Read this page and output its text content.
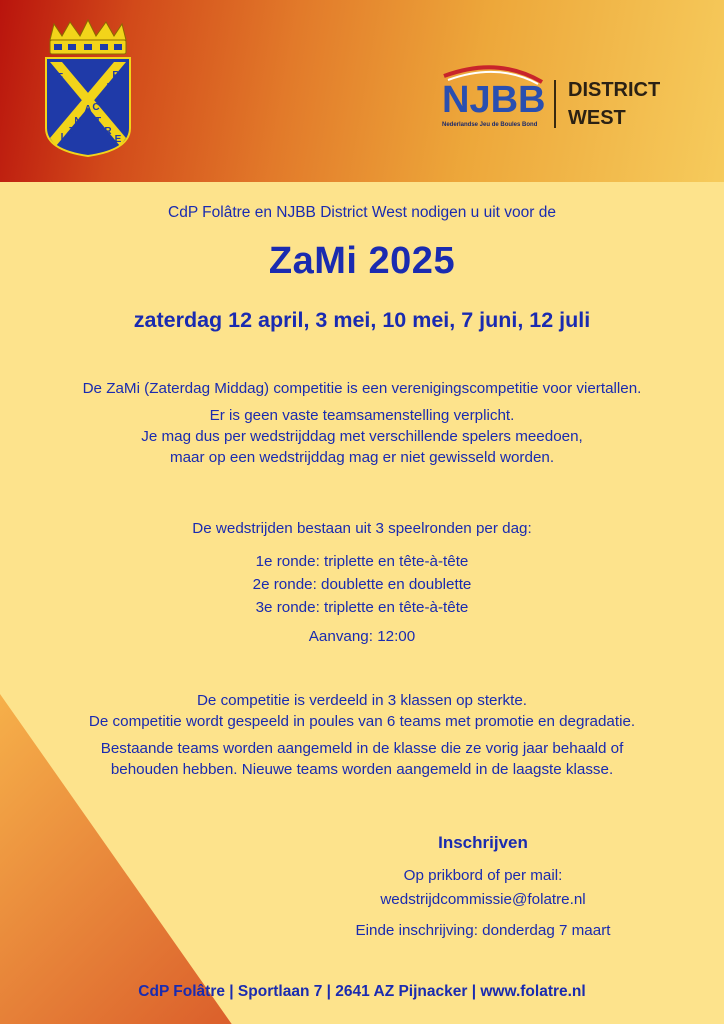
F
O
L
A
T
R
E
R
E
K
C
N
J
I
P
NJBB
Nederlandse Jeu de Boules Bond
DISTRICT
WEST
CdP Folâtre en NJBB District West nodigen u uit voor de
ZaMi 2025
zaterdag 12 april, 3 mei, 10 mei, 7 juni, 12 juli

De ZaMi (Zaterdag Middag) competitie is een verenigingscompetitie voor viertallen.

Er is geen vaste teamsamenstelling verplicht.

Je mag dus per wedstrijddag met verschillende spelers meedoen,

maar op een wedstrijddag mag er niet gewisseld worden.

De wedstrijden bestaan uit 3 speelronden per dag:

1e ronde: triplette en tête-à-tête

2e ronde: doublette en doublette

3e ronde: triplette en tête-à-tête

Aanvang: 12:00

De competitie is verdeeld in 3 klassen op sterkte.

De competitie wordt gespeeld in poules van 6 teams met promotie en degradatie.

Bestaande teams worden aangemeld in de klasse die ze vorig jaar behaald of

behouden hebben. Nieuwe teams worden aangemeld in de laagste klasse.

Inschrijven
Op prikbord of per mail:
wedstrijdcommissie@folatre.nl
Einde inschrijving: donderdag 7 maart
CdP Folâtre | Sportlaan 7 | 2641 AZ Pijnacker | www.folatre.nl
